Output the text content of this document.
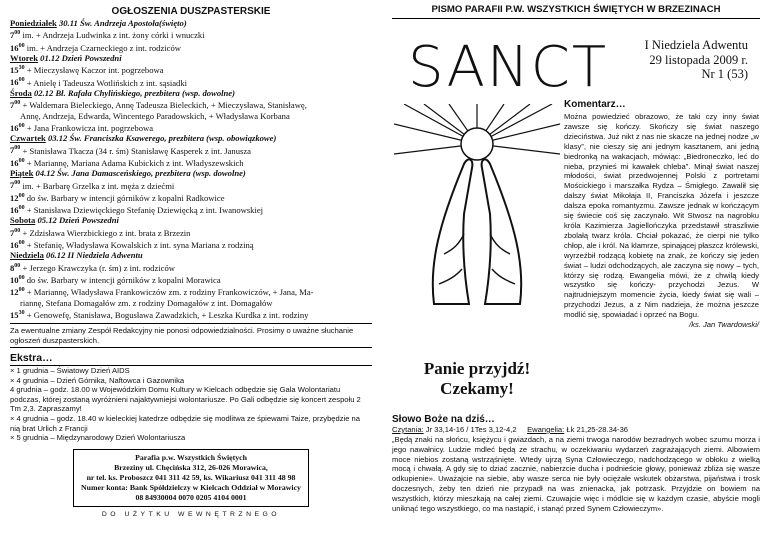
OGŁOSZENIA DUSZPASTERSKIE
Poniedziałek 30.11 Św. Andrzeja Apostoła(święto)
$7^{00}$ im. + Andrzeja Ludwinka z int. żony córki i wnuczki
$16^{00}$ im. + Andrzeja Czarneckiego z int. rodziców
Wtorek 01.12 Dzień Powszedni
$15^{30}$ + Mieczysławę Kaczor int. pogrzebowa
$16^{00}$ + Anielę i Tadeusza Wotlińskich z int. sąsiadki
Środa 02.12 Bł. Rafała Chylińskiego, prezbitera (wsp. dowolne)
$7^{00}$ + Waldemara Bieleckiego, Annę Tadeusza Bieleckich, + Mieczysława, Stanisławę,
Annę, Andrzeja, Edwarda, Wincentego Paradowskich, + Władysława Korbana
$16^{00}$ + Jana Frankowicza int. pogrzebowa
Czwartek 03.12 Św. Franciszka Ksawerego, prezbitera (wsp. obowiązkowe)
$7^{00}$ + Stanisława Tkacza (34 r. śm) Stanisławę Kasperek z int. Janusza
$16^{00}$ + Mariannę, Mariana Adama Kubickich z int. Władyszewskich
Piątek 04.12 Św. Jana Damasceńskiego, prezbitera (wsp. dowolne)
$7^{00}$ im. + Barbarę Grzelka z int. męża z dziećmi
$12^{00}$ do św. Barbary w intencji górników z kopalni Radkowice
$16^{00}$ + Stanisława Dziewięckiego Stefanię Dziewięcką z int. Iwanowskiej
Sobota 05.12 Dzień Powszedni
$7^{00}$ + Zdzisława Wierzbickiego z int. brata z Brzezin
$16^{00}$ + Stefanię, Władysława Kowalskich z int. syna Mariana z rodziną
Niedziela 06.12 II Niedziela Adwentu
$8^{00}$ + Jerzego Krawczyka (r. śm) z int. rodziców
$10^{00}$ do św. Barbary w intencji górników z kopalni Morawica
$12^{00}$ + Mariannę, Władysława Frankowiczów zm. z rodziny Frankowiczów, + Jana, Ma-
riannę, Stefana Domagałów zm. z rodziny Domagałów z int. Domagałów
$15^{30}$ + Genowefę, Stanisława, Bogusława Zawadzkich, + Leszka Kurdka z int. rodziny
Za ewentualne zmiany Zespół Redakcyjny nie ponosi odpowiedzialności. Prosimy o uważne słuchanie ogłoszeń duszpasterskich.
Ekstra…
× 1 grudnia – Światowy Dzień AIDS
× 4 grudnia – Dzień Górnika, Naftowca i Gazownika
4 grudnia – godz. 18.00 w Wojewódzkim Domu Kultury w Kielcach odbędzie się Gala Wolontariatu podczas, której zostaną wyróżnieni najaktywniejsi wolontariusze. Po Gali odbędzie się koncert zespołu 2 Tm 2,3. Zapraszamy!
× 4 grudnia – godz. 18.40 w kieleckiej katedrze odbędzie się modlitwa ze śpiewami Taize, przybędzie na nią brat Urlich z Francji
× 5 grudnia – Międzynarodowy Dzień Wolontariusza
Parafia p.w. Wszystkich Świętych
Brzeziny ul. Chęcińska 312, 26-026 Morawica,
nr tel. ks. Proboszcz 041 311 42 59, ks. Wikariusz 041 311 48 98
Numer konta: Bank Spółdzielczy w Kielcach Oddział w Morawicy
08 84930004 0070 0205 4104 0001
DO UŻYTKU WEWNĘTRZNEGO
PISMO PARAFII P.W. WSZYSTKICH ŚWIĘTYCH W BRZEZINACH
SANCT	I Niedziela Adwentu
29 listopada 2009 r.
Nr 1 (53)
Panie przyjdź!
Czekamy!
Komentarz…
Można powiedzieć obrazowo, że taki czy inny świat zawsze się kończy. Skończy się świat naszego dzieciństwa. Już nikt z nas nie skacze na jednej nodze „w klasy”, nie cieszy się ani jednym kasztanem, ani jedną biedronką na wakacjach, mówiąc: „Biedroneczko, leć do nieba, przynieś mi kawałek chleba”. Minął świat naszej młodości, świat przedwojennej Polski z portretami Mościckiego i marszałka Rydza – Śmigłego. Zawalił się dalszy świat Mikołaja II, Franciszka Józefa i jeszcze dalsza epoka romantyzmu. Zawsze jednak w kończącym się świecie coś się zaczynało. Wit Stwosz na nagrobku króla Kazimierza Jagiellończyka przedstawił straszliwie zbolałą twarz króla. Chciał pokazać, że cierpi nie tylko chłop, ale i król. Na klamrze, spinającej płaszcz królewski, wyrzeźbił rodzącą kobietę na znak, że kończy się jeden świat – ludzi odchodzących, ale zaczyna się nowy – tych, którzy się rodzą. Ewangelia mówi, że z chwilą kiedy wszystko się kończy- przychodzi Jezus. W najtrudniejszym momencie życia, kiedy świat się wali – przychodzi Jezus, a z Nim nadzieja, że można jeszcze modlić się, spowiadać i oprzeć na Bogu.
/ks. Jan Twardowski/
Słowo Boże na dziś…
Czytania: Jr 33,14-16 / 1Tes 3,12-4,2 Ewangelia: Łk 21,25-28.34-36
„Będą znaki na słońcu, księżycu i gwiazdach, a na ziemi trwoga narodów bezradnych wobec szumu morza i jego nawałnicy. Ludzie mdleć będą ze strachu, w oczekiwaniu wydarzeń zagrażających ziemi. Albowiem moce niebios zostaną wstrząśnięte. Wtedy ujrzą Syna Człowieczego, nadchodzącego w obłoku z wielką mocą i chwałą. A gdy się to dziać zacznie, nabierzcie ducha i podnieście głowy, ponieważ zbliża się wasze odkupienie». Uważajcie na siebie, aby wasze serca nie były ociężałe wskutek obżarstwa, pijaństwa i trosk doczesnych, żeby ten dzień nie przypadł na was znienacka, jak potrzask. Przyjdzie on bowiem na wszystkich, którzy mieszkają na całej ziemi. Czuwajcie więc i módlcie się w każdym czasie, abyście mogli uniknąć tego wszystkiego, co ma nastąpić, i stanąć przed Synem Człowieczym».
